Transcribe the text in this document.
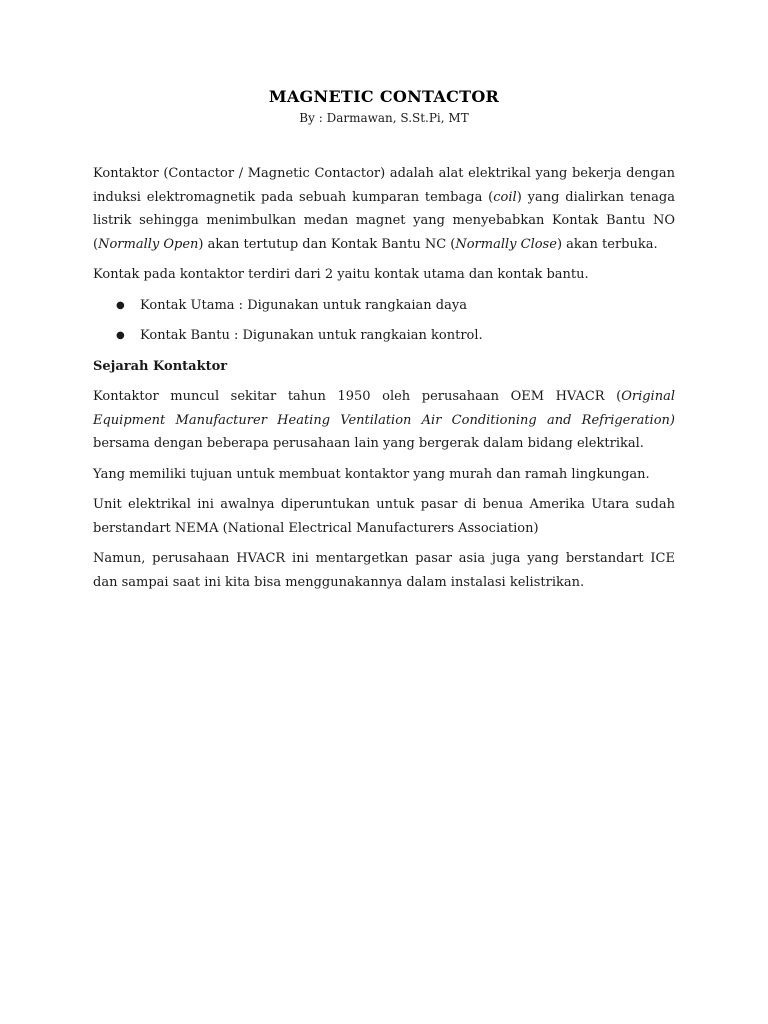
MAGNETIC CONTACTOR
By : Darmawan, S.St.Pi, MT

Kontaktor (Contactor / Magnetic Contactor) adalah alat elektrikal yang bekerja dengan induksi elektromagnetik pada sebuah kumparan tembaga (coil) yang dialirkan tenaga listrik sehingga menimbulkan medan magnet yang menyebabkan Kontak Bantu NO (Normally Open) akan tertutup dan Kontak Bantu NC (Normally Close) akan terbuka.

Kontak pada kontaktor terdiri dari 2 yaitu kontak utama dan kontak bantu.

● Kontak Utama : Digunakan untuk rangkaian daya
● Kontak Bantu : Digunakan untuk rangkaian kontrol.

Sejarah Kontaktor

Kontaktor muncul sekitar tahun 1950 oleh perusahaan OEM HVACR (Original Equipment Manufacturer Heating Ventilation Air Conditioning and Refrigeration) bersama dengan beberapa perusahaan lain yang bergerak dalam bidang elektrikal.

Yang memiliki tujuan untuk membuat kontaktor yang murah dan ramah lingkungan.

Unit elektrikal ini awalnya diperuntukan untuk pasar di benua Amerika Utara sudah berstandart NEMA (National Electrical Manufacturers Association)

Namun, perusahaan HVACR ini mentargetkan pasar asia juga yang berstandart ICE dan sampai saat ini kita bisa menggunakannya dalam instalasi kelistrikan.
